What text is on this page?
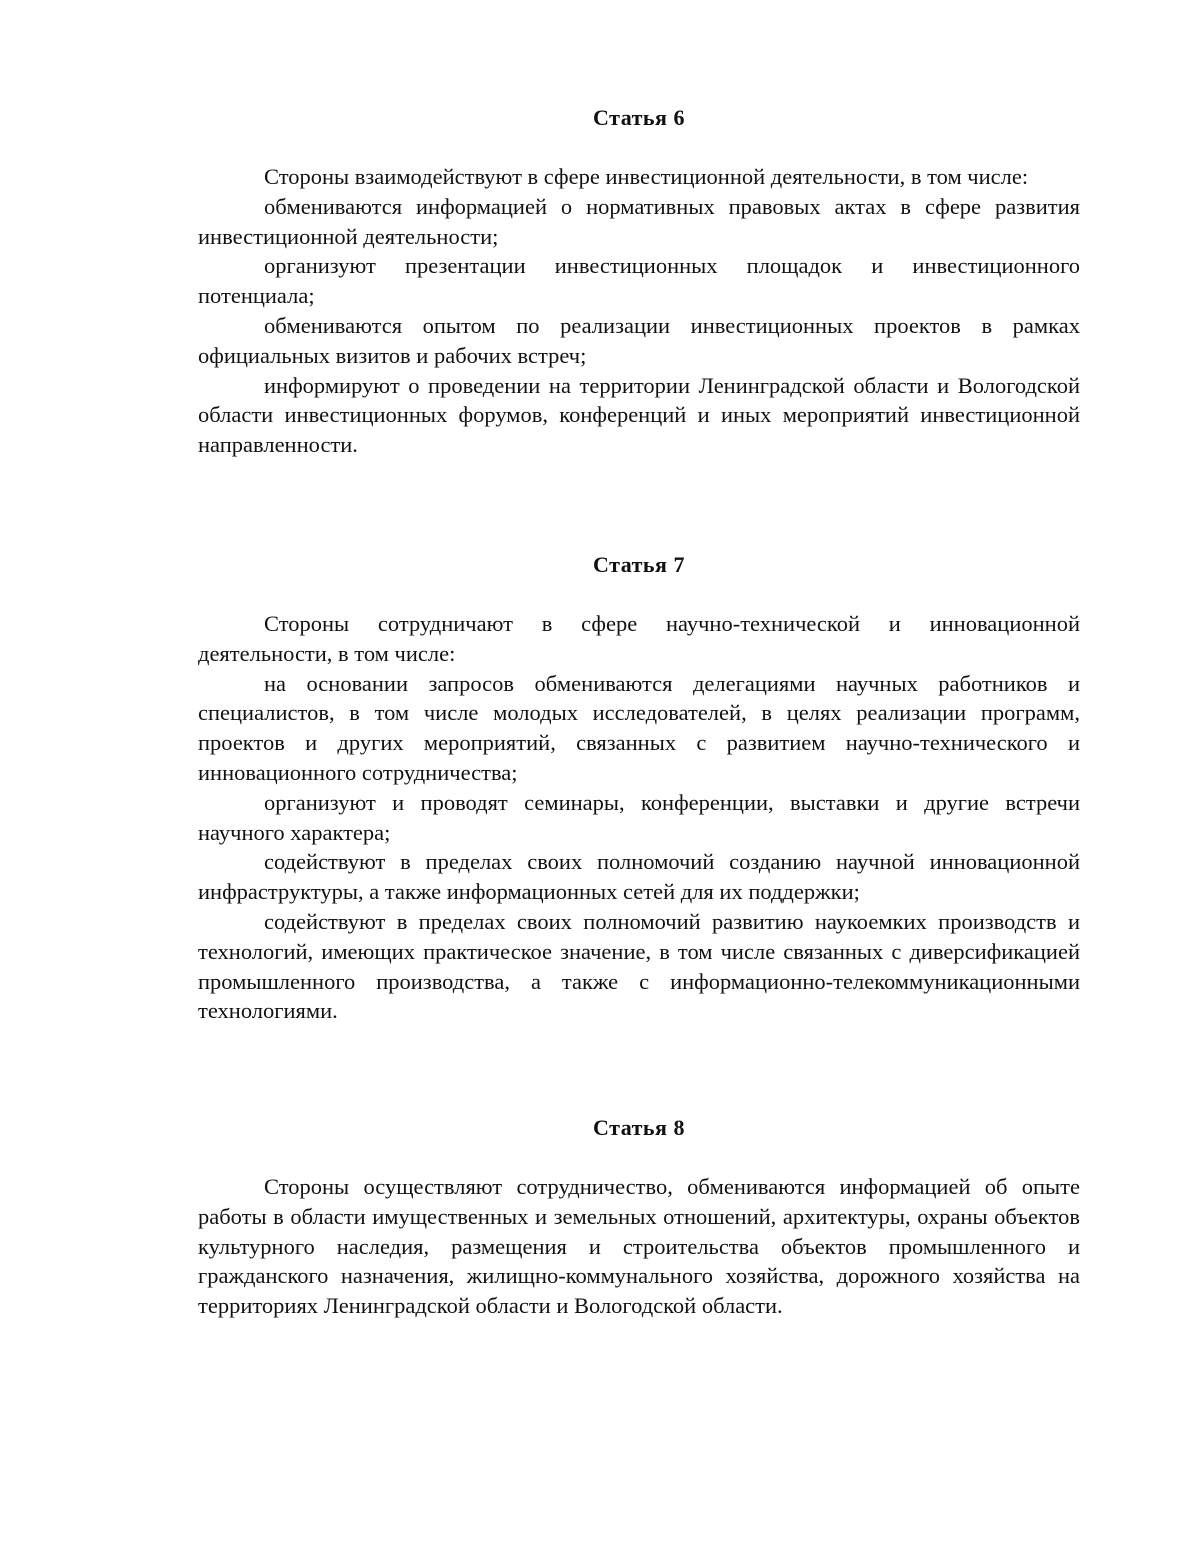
Статья 6

Стороны взаимодействуют в сфере инвестиционной деятельности, в том числе:

обмениваются информацией о нормативных правовых актах в сфере развития инвестиционной деятельности;

организуют презентации инвестиционных площадок и инвестиционного потенциала;

обмениваются опытом по реализации инвестиционных проектов в рамках официальных визитов и рабочих встреч;

информируют о проведении на территории Ленинградской области и Вологодской области инвестиционных форумов, конференций и иных мероприятий инвестиционной направленности.

Статья 7

Стороны сотрудничают в сфере научно-технической и инновационной деятельности, в том числе:

на основании запросов обмениваются делегациями научных работников и специалистов, в том числе молодых исследователей, в целях реализации программ, проектов и других мероприятий, связанных с развитием научно-технического и инновационного сотрудничества;

организуют и проводят семинары, конференции, выставки и другие встречи научного характера;

содействуют в пределах своих полномочий созданию научной инновационной инфраструктуры, а также информационных сетей для их поддержки;

содействуют в пределах своих полномочий развитию наукоемких производств и технологий, имеющих практическое значение, в том числе связанных с диверсификацией промышленного производства, а также с информационно-телекоммуникационными технологиями.

Статья 8

Стороны осуществляют сотрудничество, обмениваются информацией об опыте работы в области имущественных и земельных отношений, архитектуры, охраны объектов культурного наследия, размещения и строительства объектов промышленного и гражданского назначения, жилищно-коммунального хозяйства, дорожного хозяйства на территориях Ленинградской области и Вологодской области.
